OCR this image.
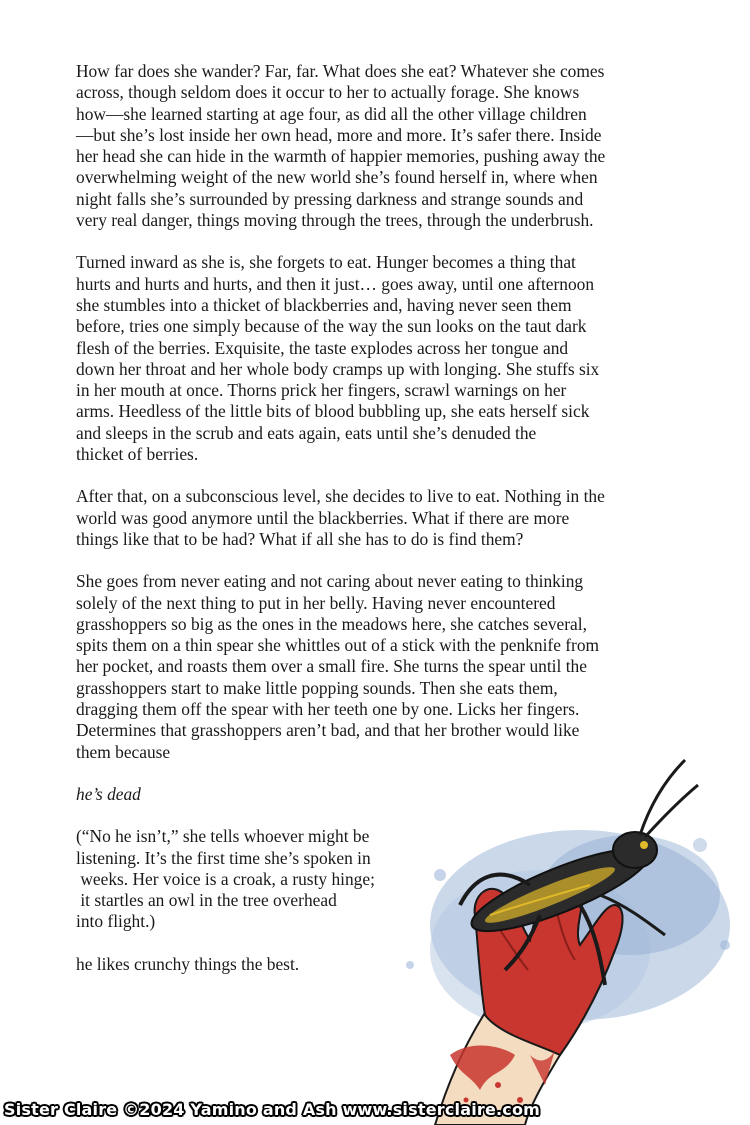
How far does she wander? Far, far. What does she eat? Whatever she comes
across, though seldom does it occur to her to actually forage. She knows
how—she learned starting at age four, as did all the other village children
—but she’s lost inside her own head, more and more. It’s safer there. Inside
her head she can hide in the warmth of happier memories, pushing away the
overwhelming weight of the new world she’s found herself in, where when
night falls she’s surrounded by pressing darkness and strange sounds and
very real danger, things moving through the trees, through the underbrush.

Turned inward as she is, she forgets to eat. Hunger becomes a thing that
hurts and hurts and hurts, and then it just… goes away, until one afternoon
she stumbles into a thicket of blackberries and, having never seen them
before, tries one simply because of the way the sun looks on the taut dark
flesh of the berries. Exquisite, the taste explodes across her tongue and
down her throat and her whole body cramps up with longing. She stuffs six
in her mouth at once. Thorns prick her fingers, scrawl warnings on her
arms. Heedless of the little bits of blood bubbling up, she eats herself sick
and sleeps in the scrub and eats again, eats until she’s denuded the
thicket of berries.

After that, on a subconscious level, she decides to live to eat. Nothing in the
world was good anymore until the blackberries. What if there are more
things like that to be had? What if all she has to do is find them?

She goes from never eating and not caring about never eating to thinking
solely of the next thing to put in her belly. Having never encountered
grasshoppers so big as the ones in the meadows here, she catches several,
spits them on a thin spear she whittles out of a stick with the penknife from
her pocket, and roasts them over a small fire. She turns the spear until the
grasshoppers start to make little popping sounds. Then she eats them,
dragging them off the spear with her teeth one by one. Licks her fingers.
Determines that grasshoppers aren’t bad, and that her brother would like
them because

he’s dead

(“No he isn’t,” she tells whoever might be
listening. It’s the first time she’s spoken in
weeks. Her voice is a croak, a rusty hinge;
it startles an owl in the tree overhead
into flight.)

he likes crunchy things the best.

Sister Claire ©2024 Yamino and Ash www.sisterclaire.com
